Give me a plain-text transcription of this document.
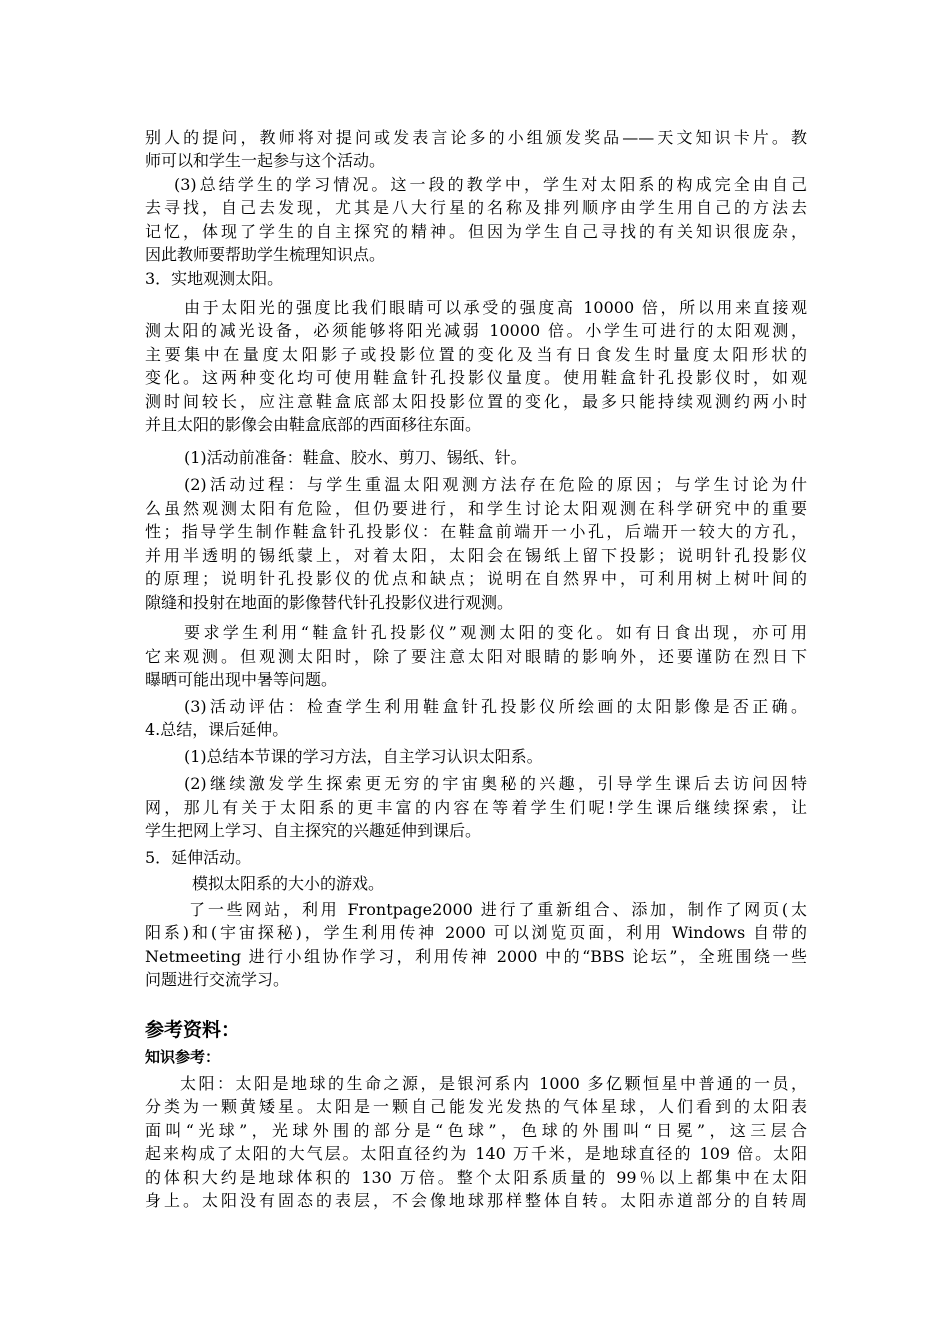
别人的提问，教师将对提问或发表言论多的小组颁发奖品——天文知识卡片。教
师可以和学生一起参与这个活动。
(3)总结学生的学习情况。这一段的教学中，学生对太阳系的构成完全由自己
去寻找，自己去发现，尤其是八大行星的名称及排列顺序由学生用自己的方法去
记忆，体现了学生的自主探究的精神。但因为学生自己寻找的有关知识很庞杂，
因此教师要帮助学生梳理知识点。
3．实地观测太阳。
由于太阳光的强度比我们眼睛可以承受的强度高 10000 倍，所以用来直接观
测太阳的减光设备，必须能够将阳光减弱 10000 倍。小学生可进行的太阳观测，
主要集中在量度太阳影子或投影位置的变化及当有日食发生时量度太阳形状的
变化。这两种变化均可使用鞋盒针孔投影仪量度。使用鞋盒针孔投影仪时，如观
测时间较长，应注意鞋盒底部太阳投影位置的变化，最多只能持续观测约两小时
并且太阳的影像会由鞋盒底部的西面移往东面。
(1)活动前准备：鞋盒、胶水、剪刀、锡纸、针。
(2)活动过程：与学生重温太阳观测方法存在危险的原因；与学生讨论为什
么虽然观测太阳有危险，但仍要进行，和学生讨论太阳观测在科学研究中的重要
性；指导学生制作鞋盒针孔投影仪：在鞋盒前端开一小孔，后端开一较大的方孔，
并用半透明的锡纸蒙上，对着太阳，太阳会在锡纸上留下投影；说明针孔投影仪
的原理；说明针孔投影仪的优点和缺点；说明在自然界中，可利用树上树叶间的
隙缝和投射在地面的影像替代针孔投影仪进行观测。
要求学生利用“鞋盒针孔投影仪”观测太阳的变化。如有日食出现，亦可用
它来观测。但观测太阳时，除了要注意太阳对眼睛的影响外，还要谨防在烈日下
曝晒可能出现中暑等问题。
(3)活动评估：检查学生利用鞋盒针孔投影仪所绘画的太阳影像是否正确。
4.总结，课后延伸。
(1)总结本节课的学习方法，自主学习认识太阳系。
(2)继续激发学生探索更无穷的宇宙奥秘的兴趣，引导学生课后去访问因特
网，那儿有关于太阳系的更丰富的内容在等着学生们呢!学生课后继续探索，让
学生把网上学习、自主探究的兴趣延伸到课后。
5．延伸活动。
模拟太阳系的大小的游戏。
了一些网站，利用 Frontpage2000 进行了重新组合、添加，制作了网页(太
阳系)和(宇宙探秘)，学生利用传神 2000 可以浏览页面，利用 Windows 自带的
Netmeeting 进行小组协作学习，利用传神 2000 中的“BBS 论坛”，全班围绕一些
问题进行交流学习。
参考资料：
知识参考：
太阳：太阳是地球的生命之源，是银河系内 1000 多亿颗恒星中普通的一员，
分类为一颗黄矮星。太阳是一颗自己能发光发热的气体星球，人们看到的太阳表
面叫“光球”，光球外围的部分是“色球”，色球的外围叫“日冕”，这三层合
起来构成了太阳的大气层。太阳直径约为 140 万千米，是地球直径的 109 倍。太阳
的体积大约是地球体积的 130 万倍。整个太阳系质量的 99％以上都集中在太阳
身上。太阳没有固态的表层，不会像地球那样整体自转。太阳赤道部分的自转周
